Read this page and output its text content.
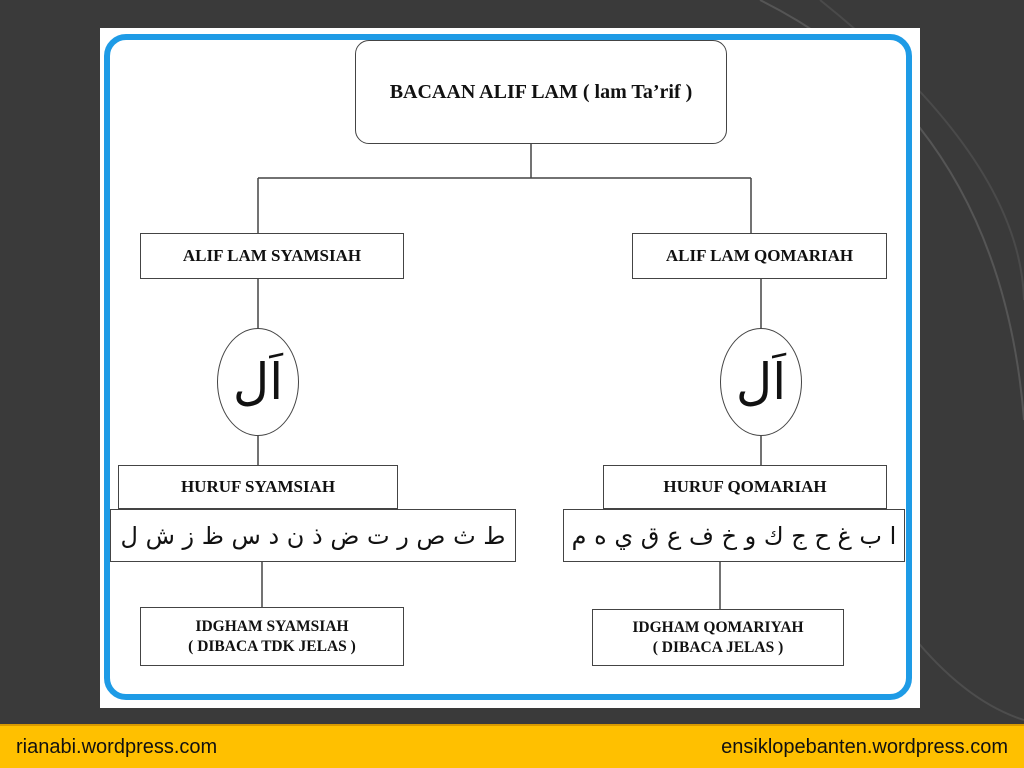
BACAAN ALIF LAM ( lam Ta’rif )
ALIF LAM SYAMSIAH
اَل
HURUF SYAMSIAH
ط ث ص ر ت ض ذ ن د س ظ ز ش ل
IDGHAM SYAMSIAH
( DIBACA TDK JELAS )
ALIF LAM QOMARIAH
اَل
HURUF QOMARIAH
ا ب غ ح ج ك و خ ف ع ق ي ه م
IDGHAM QOMARIYAH
( DIBACA JELAS )
rianabi.wordpress.com	ensiklopebanten.wordpress.com
